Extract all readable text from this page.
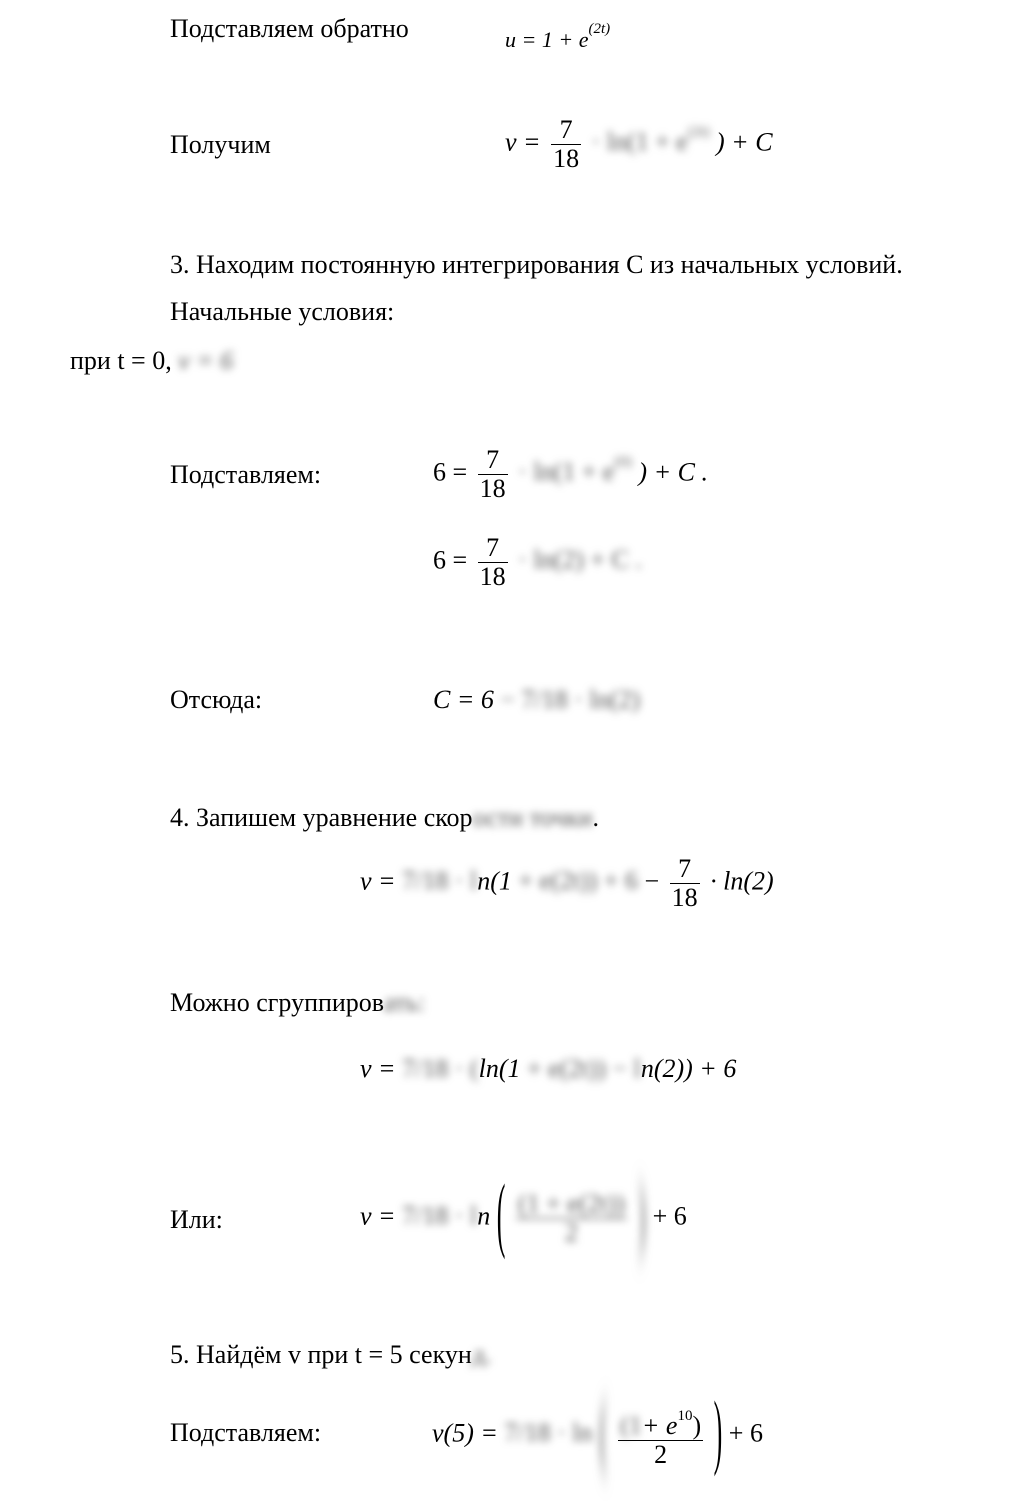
Подставляем обратно	$u = 1 + e^{(2t)}$
Получим	$v = \frac{7}{18} \cdot \ln(1 + e^{(2t)}$ ) + C
3. Находим постоянную интегрирования С из начальных условий.
Начальные условия:
при t = 0, v = 6
Подставляем:	$6 = \frac{7}{18} \cdot \ln(1 + e^{(0)}$ ) + C .
$6 = \frac{7}{18} \cdot \ln(2) + C$ .
Отсюда:	C = 6 − 7/18 · ln(2)
4. Запишем уравнение скорости точки.
$v = 7/18 \cdot \ln(1 + e(2t)) + 6 - \frac{7}{18} \cdot \ln(2)$
Можно сгруппировать:
v = 7/18 · (ln(1 + e(2t)) − ln(2)) + 6
Или:	v = 7/18 · ln ( $\frac{(1 + e(2t))}{2}$ ) + 6
5. Найдём v при t = 5 секунд.
Подставляем:	v(5) = 7/18 · ln ( $\frac{(1+ e^{10})}{2}$ ) + 6
